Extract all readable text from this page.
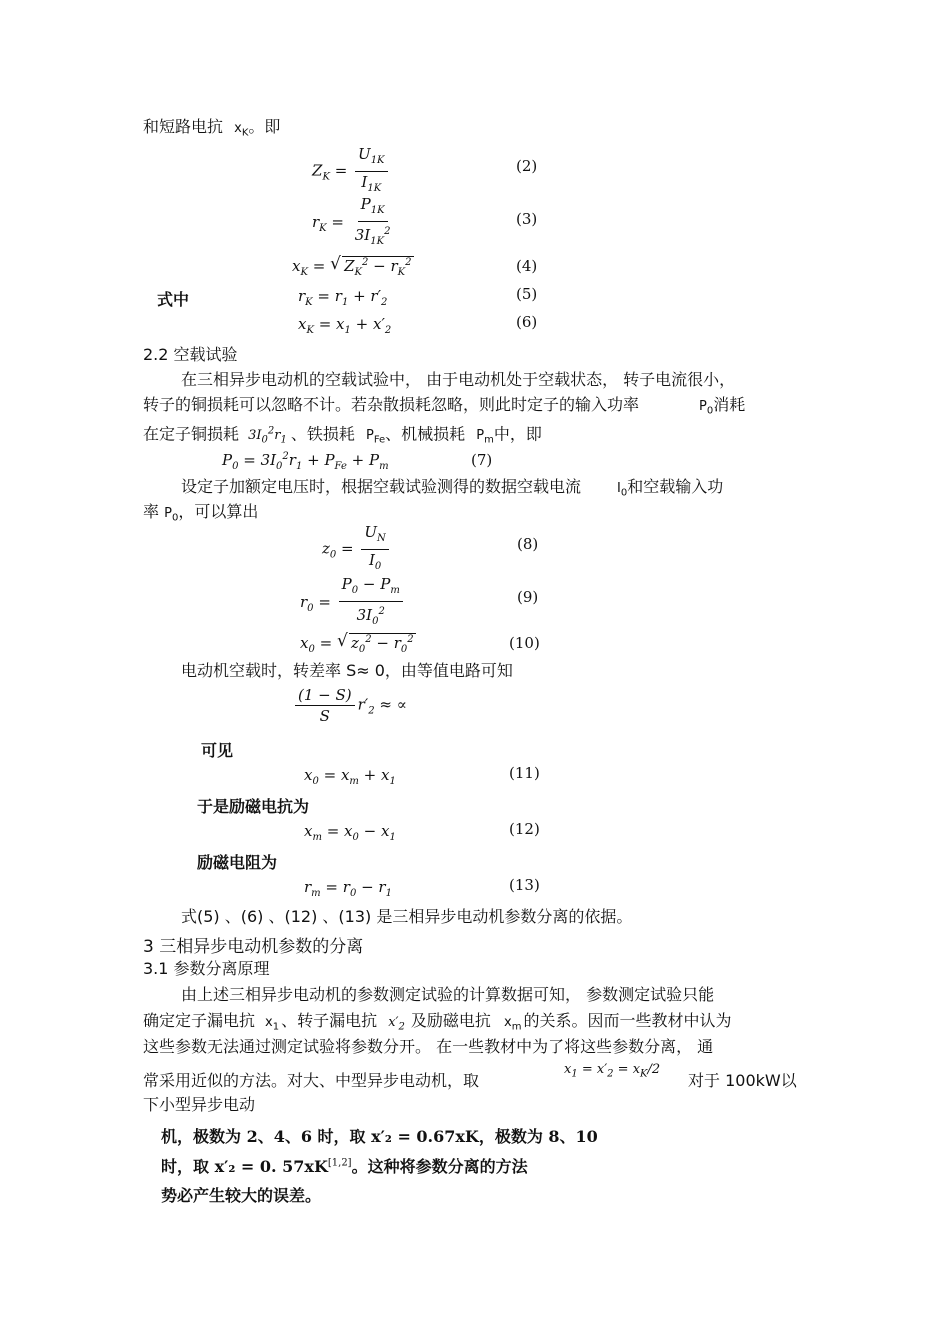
和短路电抗 $x_K$。即
$Z_K = \frac{U_{1K}}{I_{1K}}$	(2)
$r_K = \frac{P_{1K}}{3I_{1K}^2}$	(3)
$x_K$ = √ $Z_K^2 - r_K^2$	(4)
式中	$r_K = r_1 + r'_2$	(5)
$x_K = x_1 + x'_2$	(6)
2.2 空载试验
在三相异步电动机的空载试验中， 由于电动机处于空载状态， 转子电流很小，
转子的铜损耗可以忽略不计。若杂散损耗忽略，则此时定子的输入功率	$P_0$消耗
在定子铜损耗 $3I_0^2r_1$ 、铁损耗 $P_{Fe}$、机械损耗 $P_m$中，即
$P_0 = 3I_0^2r_1 + P_{Fe} + P_m$	(7)
设定子加额定电压时，根据空载试验测得的数据空载电流	$I_0$和空载输入功
率 $P_0$，可以算出
$z_0 = \frac{U_N}{I_0}$	(8)
$r_0 = \frac{P_0 - P_m}{3I_0^2}$	(9)
$x_0$ = √ $z_0^2 - r_0^2$	(10)
电动机空载时，转差率 S≈ 0，由等值电路可知
$\frac{(1 - S)}{S} r'_2$ ≈ ∝
可见
$x_0 = x_m + x_1$	(11)
于是励磁电抗为
$x_m = x_0 - x_1$	(12)
励磁电阻为
$r_m = r_0 - r_1$	(13)
式(5) 、(6) 、(12) 、(13) 是三相异步电动机参数分离的依据。
3 三相异步电动机参数的分离
3.1 参数分离原理
由上述三相异步电动机的参数测定试验的计算数据可知， 参数测定试验只能
确定定子漏电抗 $x_1$ 、转子漏电抗 $x'_2$ 及励磁电抗 $x_m$ 的关系。因而一些教材中认为
这些参数无法通过测定试验将参数分开。 在一些教材中为了将这些参数分离， 通
常采用近似的方法。对大、中型异步电动机，取
$x_1 = x'_2 = x_K/2$
对于 100kW以
下小型异步电动
机，极数为 2、4、6 时，取 x′₂ = 0.67xK，极数为 8、10
时，取 x′₂ = 0. 57xK[1,2]。这种将参数分离的方法
势必产生较大的误差。
